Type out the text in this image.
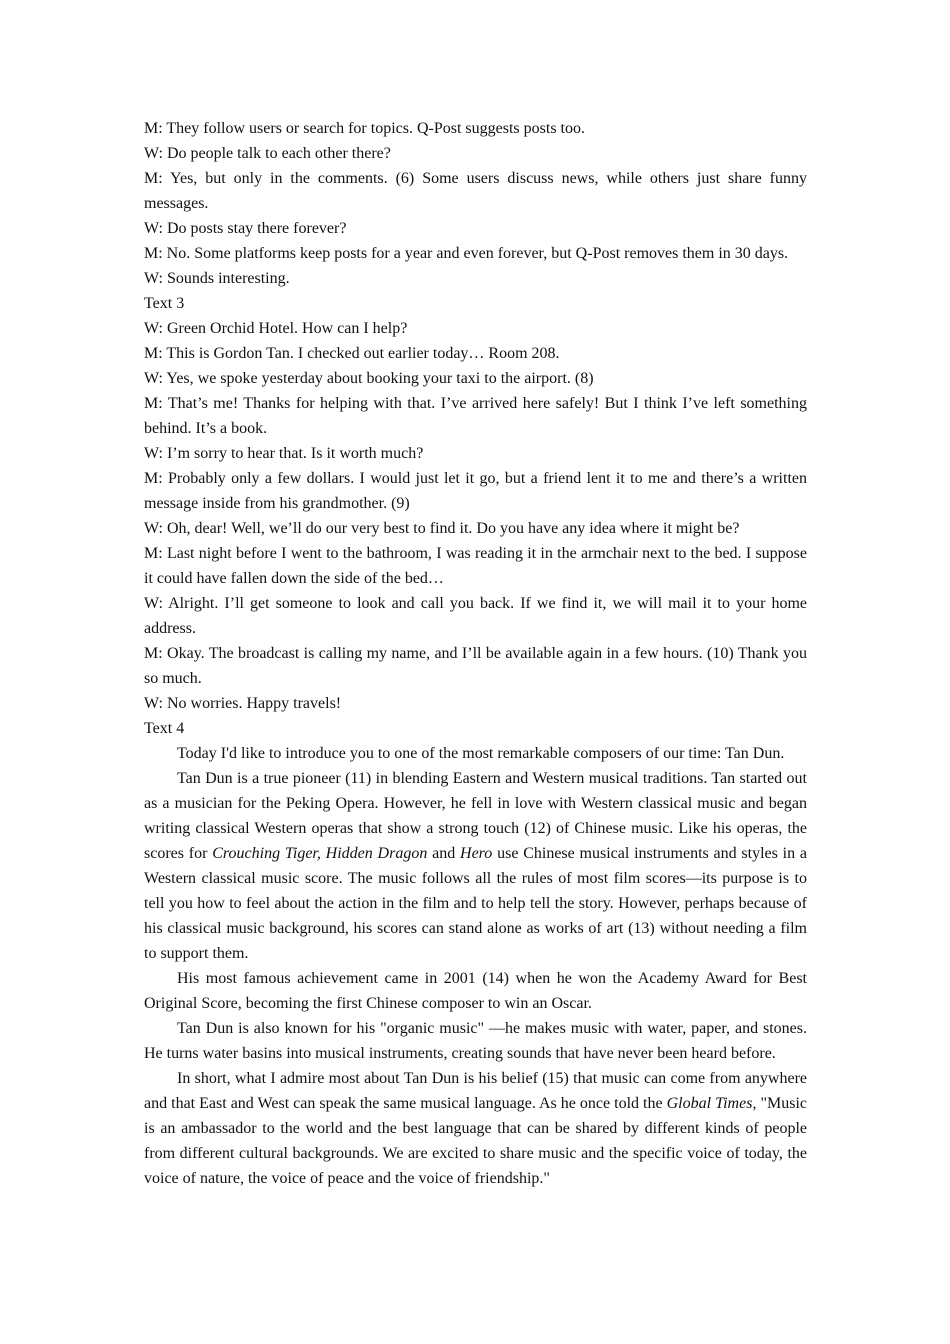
M: They follow users or search for topics. Q-Post suggests posts too.

W: Do people talk to each other there?

M: Yes, but only in the comments. (6) Some users discuss news, while others just share funny messages.

W: Do posts stay there forever?

M: No. Some platforms keep posts for a year and even forever, but Q-Post removes them in 30 days.

W: Sounds interesting.

Text 3

W: Green Orchid Hotel. How can I help?

M: This is Gordon Tan. I checked out earlier today… Room 208.

W: Yes, we spoke yesterday about booking your taxi to the airport. (8)

M: That’s me! Thanks for helping with that. I’ve arrived here safely! But I think I’ve left something behind. It’s a book.

W: I’m sorry to hear that. Is it worth much?

M: Probably only a few dollars. I would just let it go, but a friend lent it to me and there’s a written message inside from his grandmother. (9)

W: Oh, dear! Well, we’ll do our very best to find it. Do you have any idea where it might be?

M: Last night before I went to the bathroom, I was reading it in the armchair next to the bed. I suppose it could have fallen down the side of the bed…

W: Alright. I’ll get someone to look and call you back. If we find it, we will mail it to your home address.

M: Okay. The broadcast is calling my name, and I’ll be available again in a few hours. (10) Thank you so much.

W: No worries. Happy travels!

Text 4

Today I'd like to introduce you to one of the most remarkable composers of our time: Tan Dun.

Tan Dun is a true pioneer (11) in blending Eastern and Western musical traditions. Tan started out as a musician for the Peking Opera. However, he fell in love with Western classical music and began writing classical Western operas that show a strong touch (12) of Chinese music. Like his operas, the scores for Crouching Tiger, Hidden Dragon and Hero use Chinese musical instruments and styles in a Western classical music score. The music follows all the rules of most film scores—its purpose is to tell you how to feel about the action in the film and to help tell the story. However, perhaps because of his classical music background, his scores can stand alone as works of art (13) without needing a film to support them.

His most famous achievement came in 2001 (14) when he won the Academy Award for Best Original Score, becoming the first Chinese composer to win an Oscar.

Tan Dun is also known for his "organic music" —he makes music with water, paper, and stones. He turns water basins into musical instruments, creating sounds that have never been heard before.

In short, what I admire most about Tan Dun is his belief (15) that music can come from anywhere and that East and West can speak the same musical language. As he once told the Global Times, "Music is an ambassador to the world and the best language that can be shared by different kinds of people from different cultural backgrounds. We are excited to share music and the specific voice of today, the voice of nature, the voice of peace and the voice of friendship."
